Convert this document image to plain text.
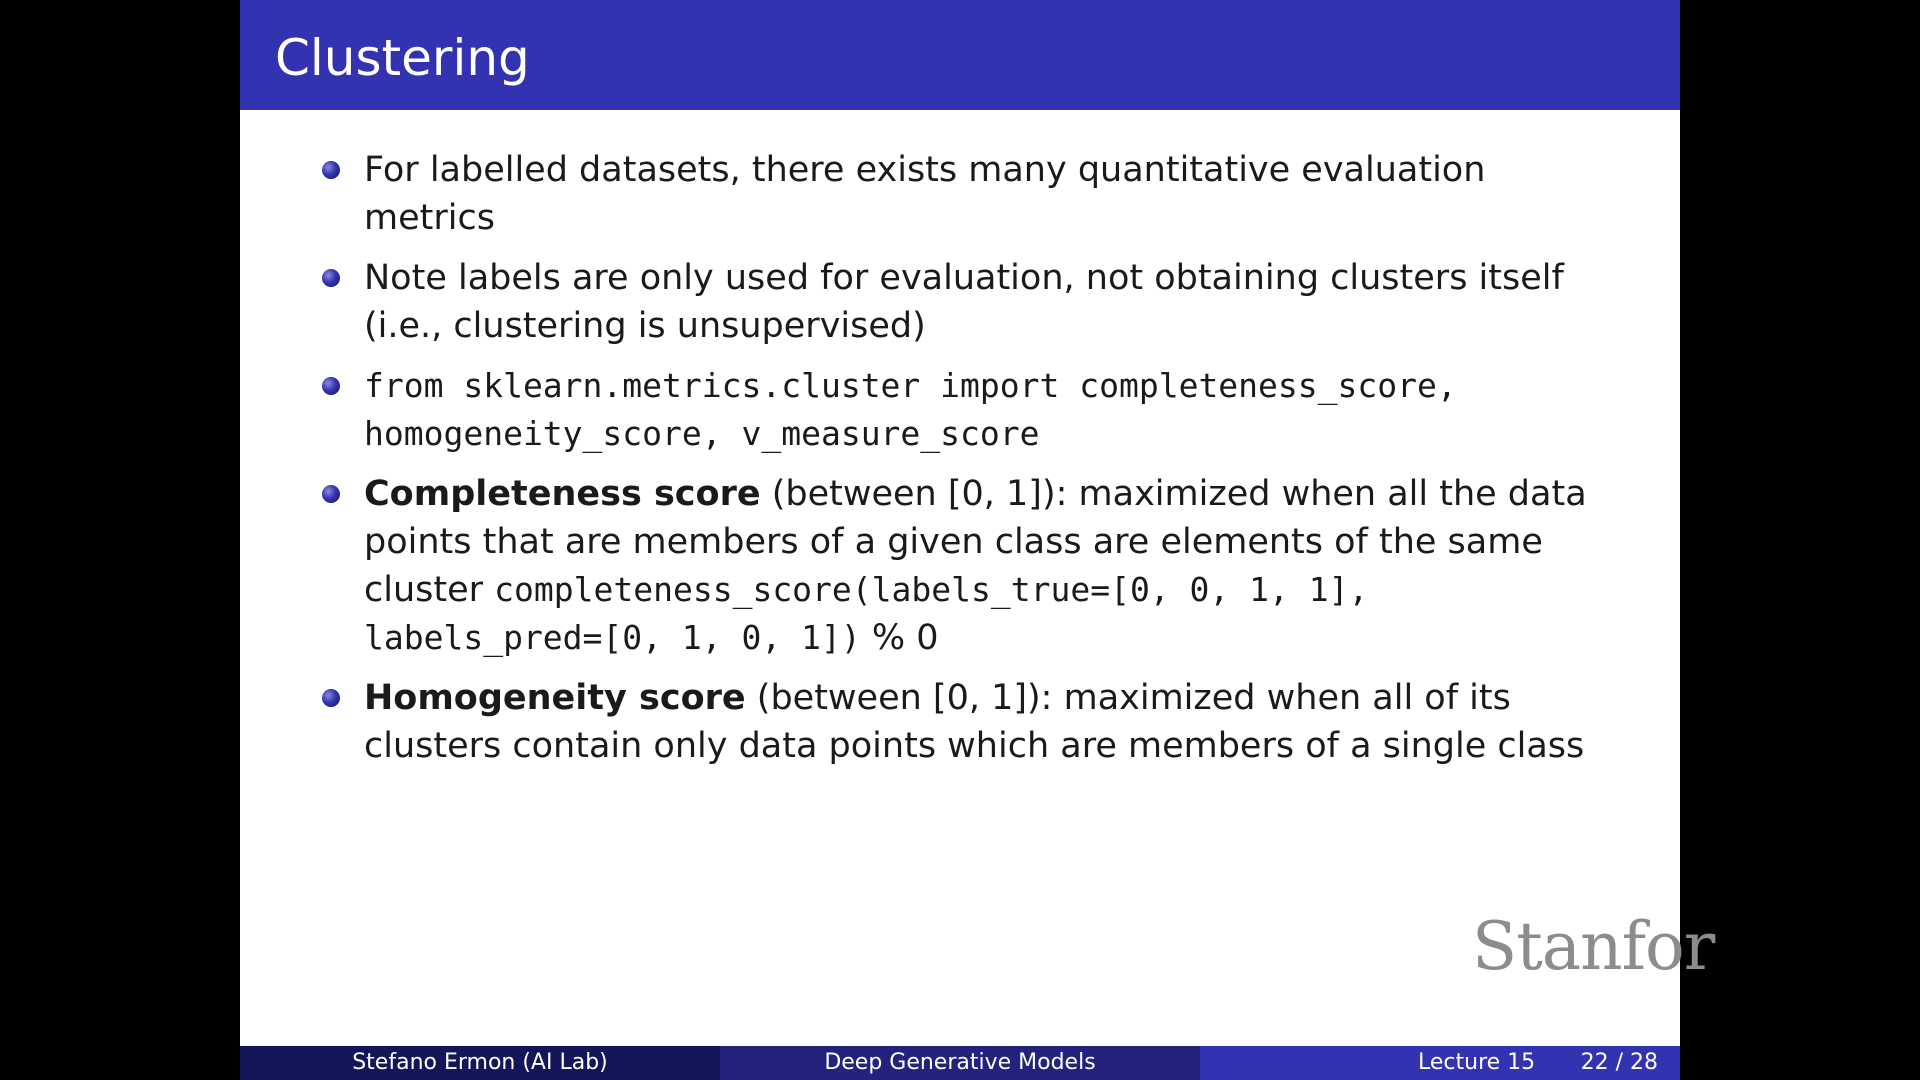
Clustering
For labelled datasets, there exists many quantitative evaluation metrics
Note labels are only used for evaluation, not obtaining clusters itself (i.e., clustering is unsupervised)
from sklearn.metrics.cluster import completeness_score, homogeneity_score, v_measure_score
Completeness score (between [0, 1]): maximized when all the data points that are members of a given class are elements of the same cluster completeness_score(labels_true=[0, 0, 1, 1], labels_pred=[0, 1, 0, 1]) % 0
Homogeneity score (between [0, 1]): maximized when all of its clusters contain only data points which are members of a single class
Stanfor
Stefano Ermon (AI Lab)	Deep Generative Models	Lecture 15 22 / 28
